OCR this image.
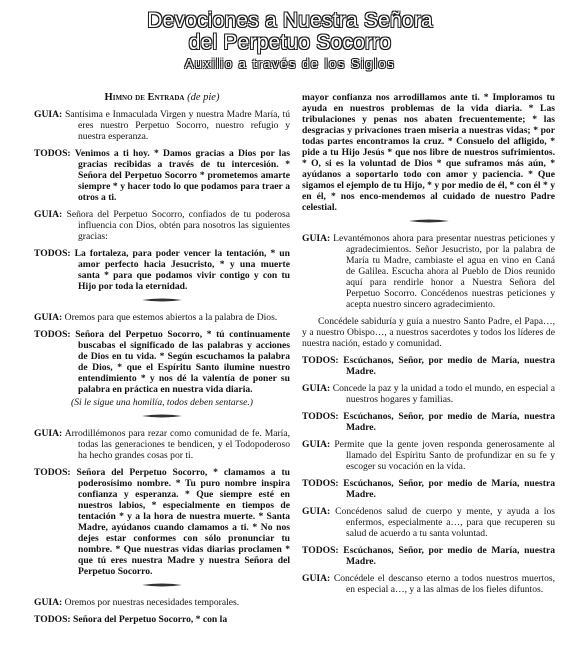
Devociones a Nuestra Señora
del Perpetuo Socorro
Auxilio a través de los Siglos
Himno de Entrada (de pie)

GUIA: Santísima e Inmaculada Virgen y nuestra Madre María, tú eres nuestro Perpetuo Socorro, nuestro refugio y nuestra esperanza.

TODOS: Venimos a ti hoy. * Damos gracias a Dios por las gracias recibidas a través de tu intercesión. * Señora del Perpetuo Socorro * prometemos amarte siempre * y hacer todo lo que podamos para traer a otros a ti.

GUIA: Señora del Perpetuo Socorro, confiados de tu poderosa influencia con Dios, obtén para nosotros las siguientes gracias:

TODOS: La fortaleza, para poder vencer la tentación, * un amor perfecto hacia Jesucristo, * y una muerte santa * para que podamos vivir contigo y con tu Hijo por toda la eternidad.

GUIA: Oremos para que estemos abiertos a la palabra de Dios.

TODOS: Señora del Perpetuo Socorro, * tú continuamente buscabas el significado de las palabras y acciones de Dios en tu vida. * Según escuchamos la palabra de Dios, * que el Espíritu Santo ilumine nuestro entendimiento * y nos dé la valentía de poner su palabra en práctica en nuestra vida diaria.

(Si le sigue una homilía, todos deben sentarse.)

GUIA: Arrodillémonos para rezar como comunidad de fe. María, todas las generaciones te bendicen, y el Todopoderoso ha hecho grandes cosas por ti.

TODOS: Señora del Perpetuo Socorro, * clamamos a tu poderosísimo nombre. * Tu puro nombre inspira confianza y esperanza. * Que siempre esté en nuestros labios, * especialmente en tiempos de tentación * y a la hora de nuestra muerte. * Santa Madre, ayúdanos cuando clamamos a ti. * No nos dejes estar conformes con sólo pronunciar tu nombre. * Que nuestras vidas diarias proclamen * que tú eres nuestra Madre y nuestra Señora del Perpetuo Socorro.

GUIA: Oremos por nuestras necesidades temporales.

TODOS: Señora del Perpetuo Socorro, * con la

mayor confianza nos arrodillamos ante ti. * Imploramos tu ayuda en nuestros problemas de la vida diaria. * Las tribulaciones y penas nos abaten frecuentemente; * las desgracias y privaciones traen miseria a nuestras vidas; * por todas partes encontramos la cruz. * Consuelo del afligido, * pide a tu Hijo Jesús * que nos libre de nuestros sufrimientos. * O, si es la voluntad de Dios * que suframos más aún, * ayúdanos a soportarlo todo con amor y paciencia. * Que sigamos el ejemplo de tu Hijo, * y por medio de él, * con él * y en él, * nos enco-mendemos al cuidado de nuestro Padre celestial.

GUIA: Levantémonos ahora para presentar nuestras peticiones y agradecimientos. Señor Jesucristo, por la palabra de María tu Madre, cambiaste el agua en vino en Caná de Galilea. Escucha ahora al Pueblo de Dios reunido aquí para rendirle honor a Nuestra Señora del Perpetuo Socorro. Concédenos nuestras peticiones y acepta nuestro sincero agradecimiento.

Concédele sabiduría y guía a nuestro Santo Padre, el Papa…, y a nuestro Obispo…, a nuestros sacerdotes y todos los líderes de nuestra nación, estado y comunidad.

TODOS: Escúchanos, Señor, por medio de María, nuestra Madre.

GUIA: Concede la paz y la unidad a todo el mundo, en especial a nuestros hogares y familias.

TODOS: Escúchanos, Señor, por medio de María, nuestra Madre.

GUIA: Permite que la gente joven responda generosamente al llamado del Espíritu Santo de profundizar en su fe y escoger su vocación en la vida.

TODOS: Escúchanos, Señor, por medio de María, nuestra Madre.

GUIA: Concédenos salud de cuerpo y mente, y ayuda a los enfermos, especialmente a…, para que recuperen su salud de acuerdo a tu santa voluntad.

TODOS: Escúchanos, Señor, por medio de María, nuestra Madre.

GUIA: Concédele el descanso eterno a todos nuestros muertos, en especial a…, y a las almas de los fieles difuntos.
